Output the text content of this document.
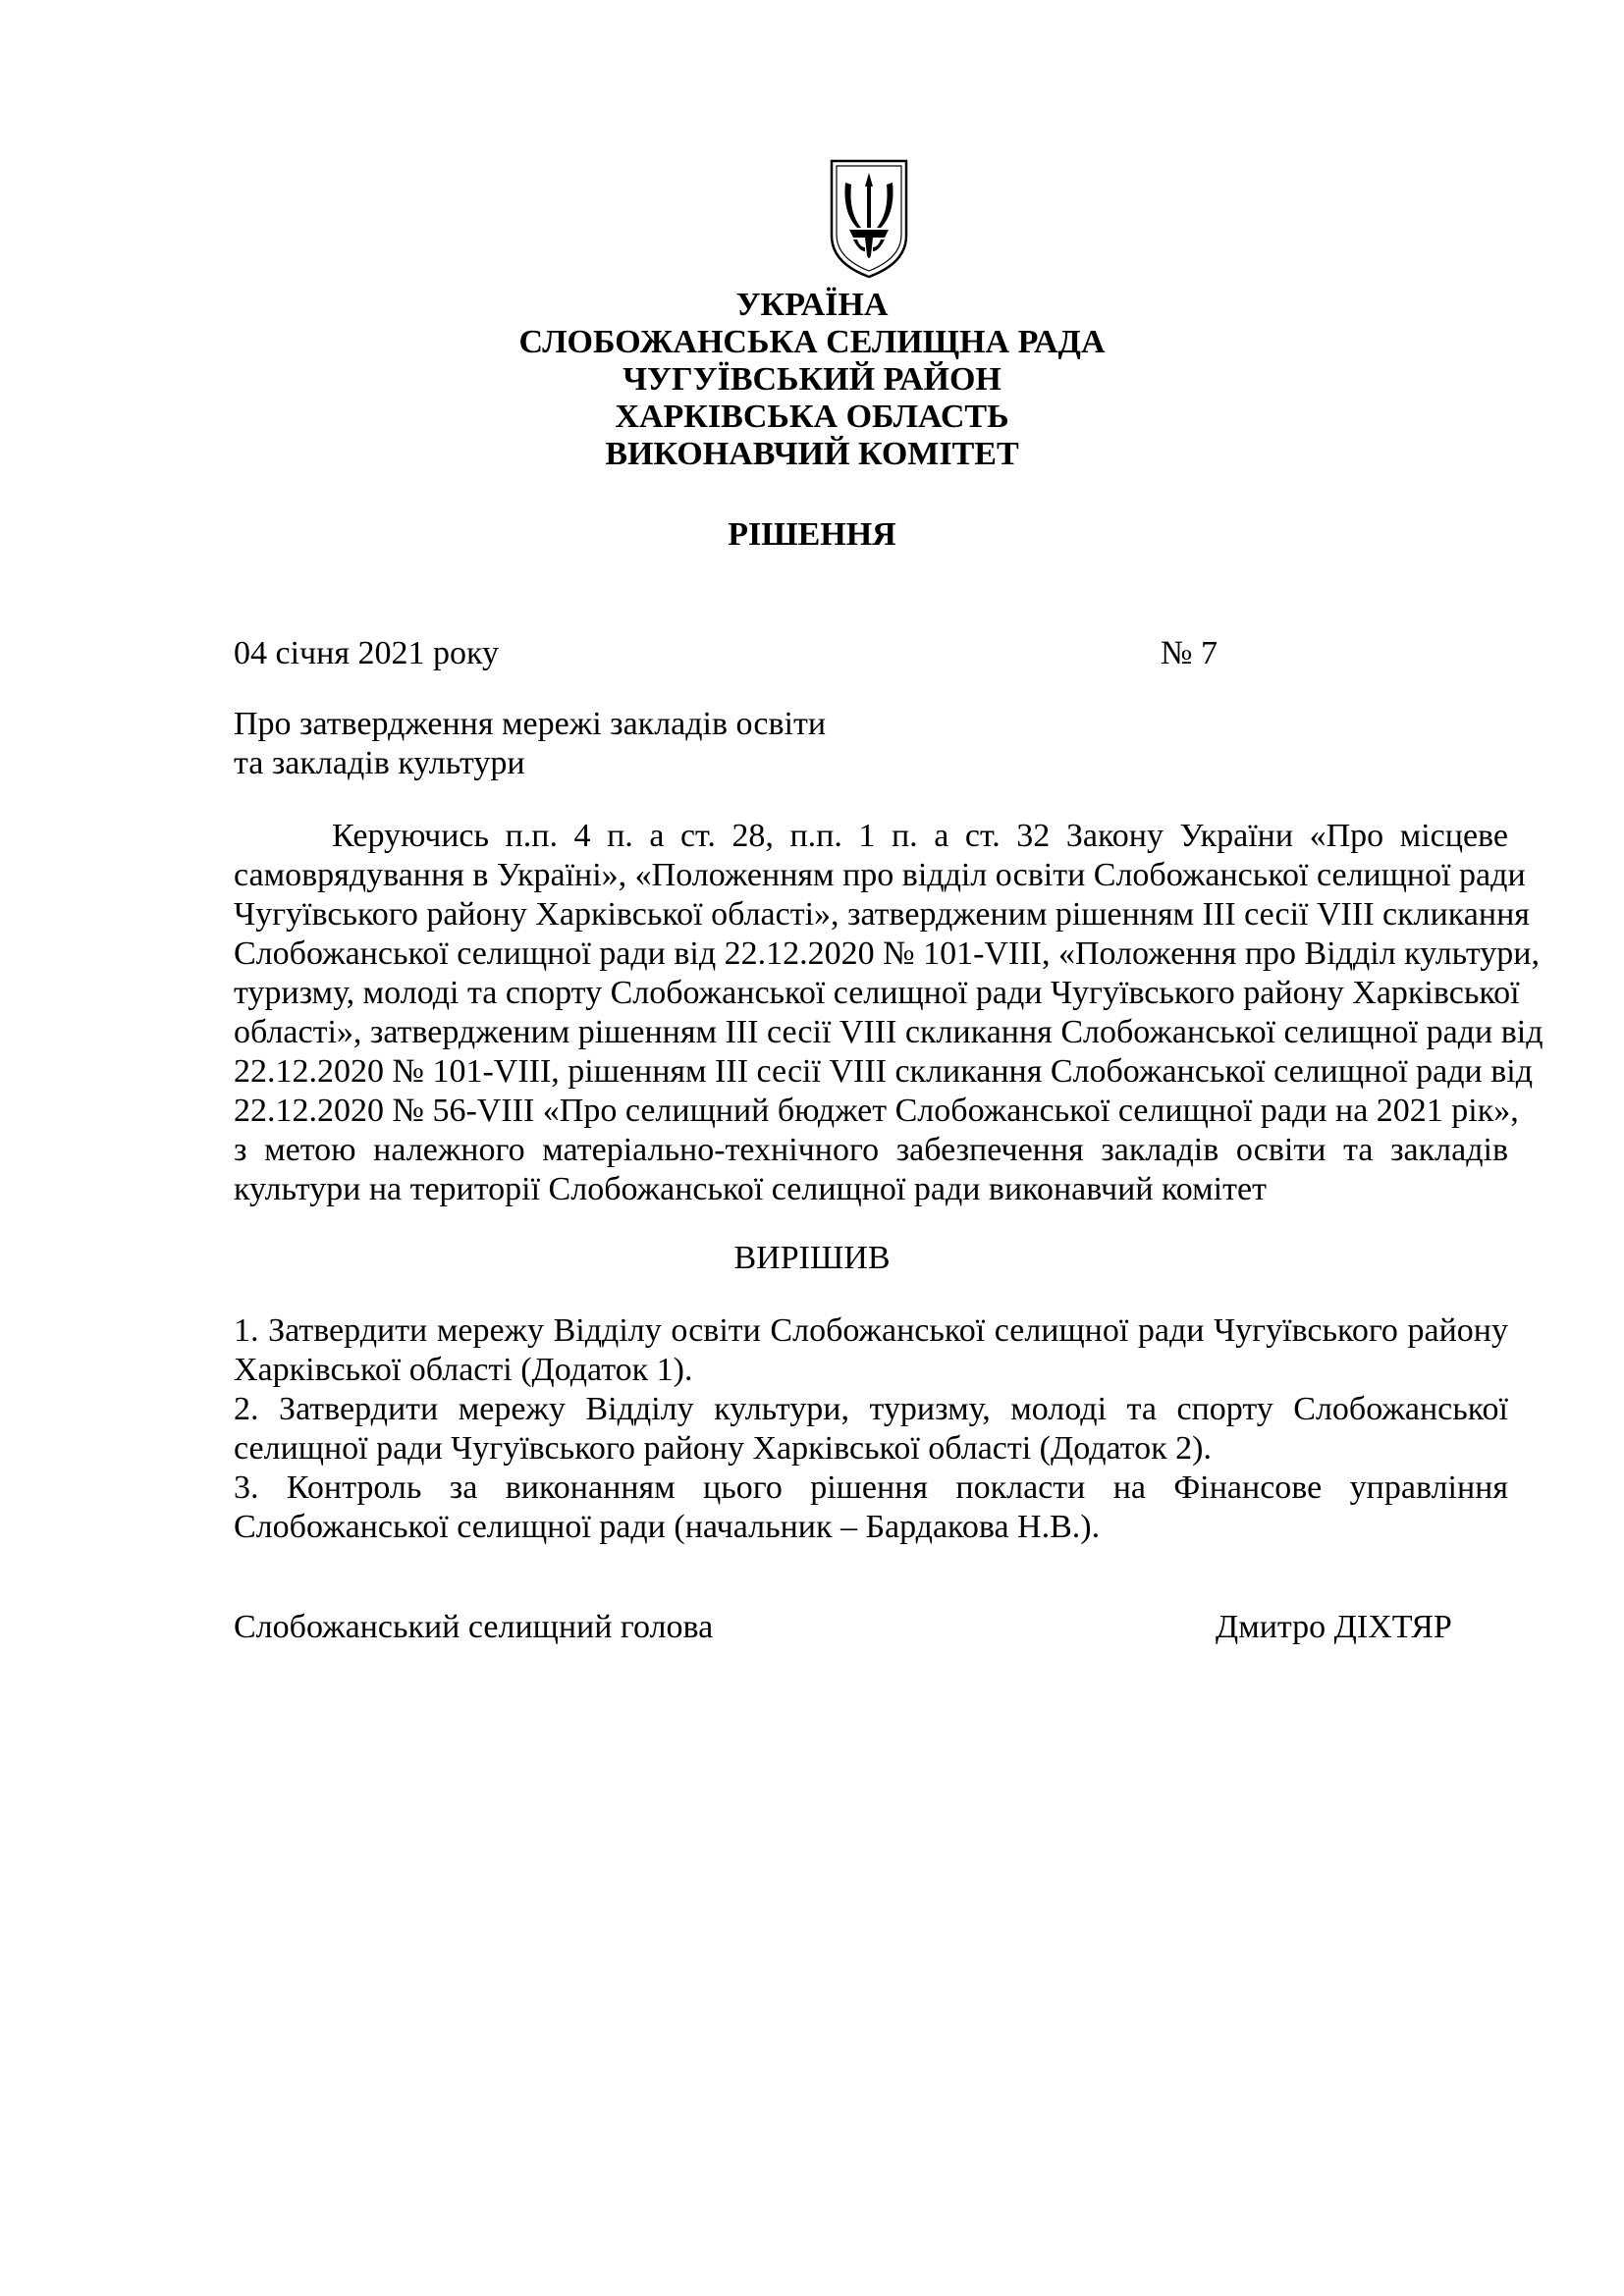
УКРАЇНА
СЛОБОЖАНСЬКА СЕЛИЩНА РАДА
ЧУГУЇВСЬКИЙ РАЙОН
ХАРКІВСЬКА ОБЛАСТЬ
ВИКОНАВЧИЙ КОМІТЕТ
РІШЕННЯ
04 січня 2021 року	№ 7
Про затвердження мережі закладів освіти
та закладів культури
Керуючись п.п. 4 п. а ст. 28, п.п. 1 п. а ст. 32 Закону України «Про місцеве
самоврядування в Україні», «Положенням про відділ освіти Слобожанської селищної ради
Чугуївського району Харківської області», затвердженим рішенням ІІІ сесії VIII скликання
Слобожанської селищної ради від 22.12.2020 № 101-VIII, «Положення про Відділ культури,
туризму, молоді та спорту Слобожанської селищної ради Чугуївського району Харківської
області», затвердженим рішенням ІІІ сесії VIII скликання Слобожанської селищної ради від
22.12.2020 № 101-VIII, рішенням ІІІ сесії VIII скликання Слобожанської селищної ради від
22.12.2020 № 56-VIII «Про селищний бюджет Слобожанської селищної ради на 2021 рік»,
з метою належного матеріально-технічного забезпечення закладів освіти та закладів
культури на території Слобожанської селищної ради виконавчий комітет
ВИРІШИВ
1. Затвердити мережу Відділу освіти Слобожанської селищної ради Чугуївського району
Харківської області (Додаток 1).
2. Затвердити мережу Відділу культури, туризму, молоді та спорту Слобожанської
селищної ради Чугуївського району Харківської області (Додаток 2).
3. Контроль за виконанням цього рішення покласти на Фінансове управління
Слобожанської селищної ради (начальник – Бардакова Н.В.).
Слобожанський селищний голова	Дмитро ДІХТЯР
